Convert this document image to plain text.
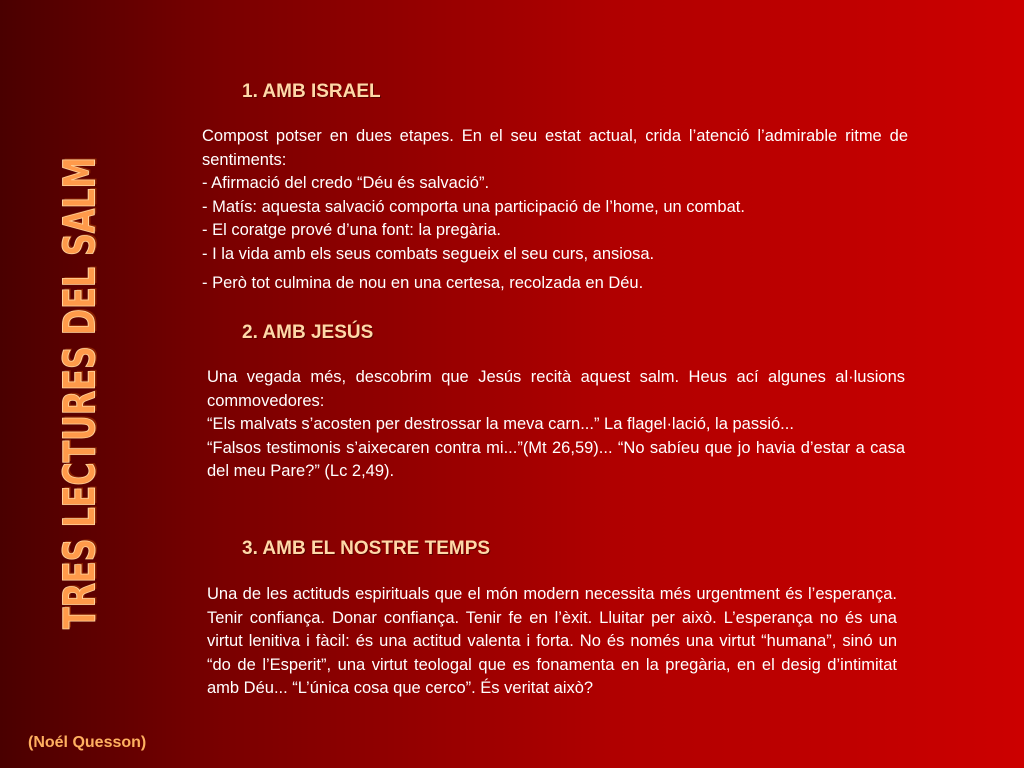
TRES LECTURES DEL SALM
(Noél Quesson)
1. AMB ISRAEL

Compost potser en dues etapes. En el seu estat actual, crida l’atenció l’admirable ritme de sentiments:

- Afirmació del credo “Déu és salvació”.

- Matís: aquesta salvació comporta una participació de l’home, un combat.

- El coratge prové d’una font: la pregària.

- I la vida amb els seus combats segueix el seu curs, ansiosa.

- Però tot culmina de nou en una certesa, recolzada en Déu.

2. AMB JESÚS

Una vegada més, descobrim que Jesús recità aquest salm. Heus ací algunes al·lusions commovedores:

“Els malvats s’acosten per destrossar la meva carn...” La flagel·lació, la passió...

“Falsos testimonis s’aixecaren contra mi...”(Mt 26,59)... “No sabíeu que jo havia d’estar a casa del meu Pare?” (Lc 2,49).

3. AMB EL NOSTRE TEMPS

Una de les actituds espirituals que el món modern necessita més urgentment és l’esperança. Tenir confiança. Donar confiança. Tenir fe en l’èxit. Lluitar per això. L’esperança no és una virtut lenitiva i fàcil: és una actitud valenta i forta. No és només una virtut “humana”, sinó un “do de l’Esperit”, una virtut teologal que es fonamenta en la pregària, en el desig d’intimitat amb Déu... “L’única cosa que cerco”. És veritat això?
